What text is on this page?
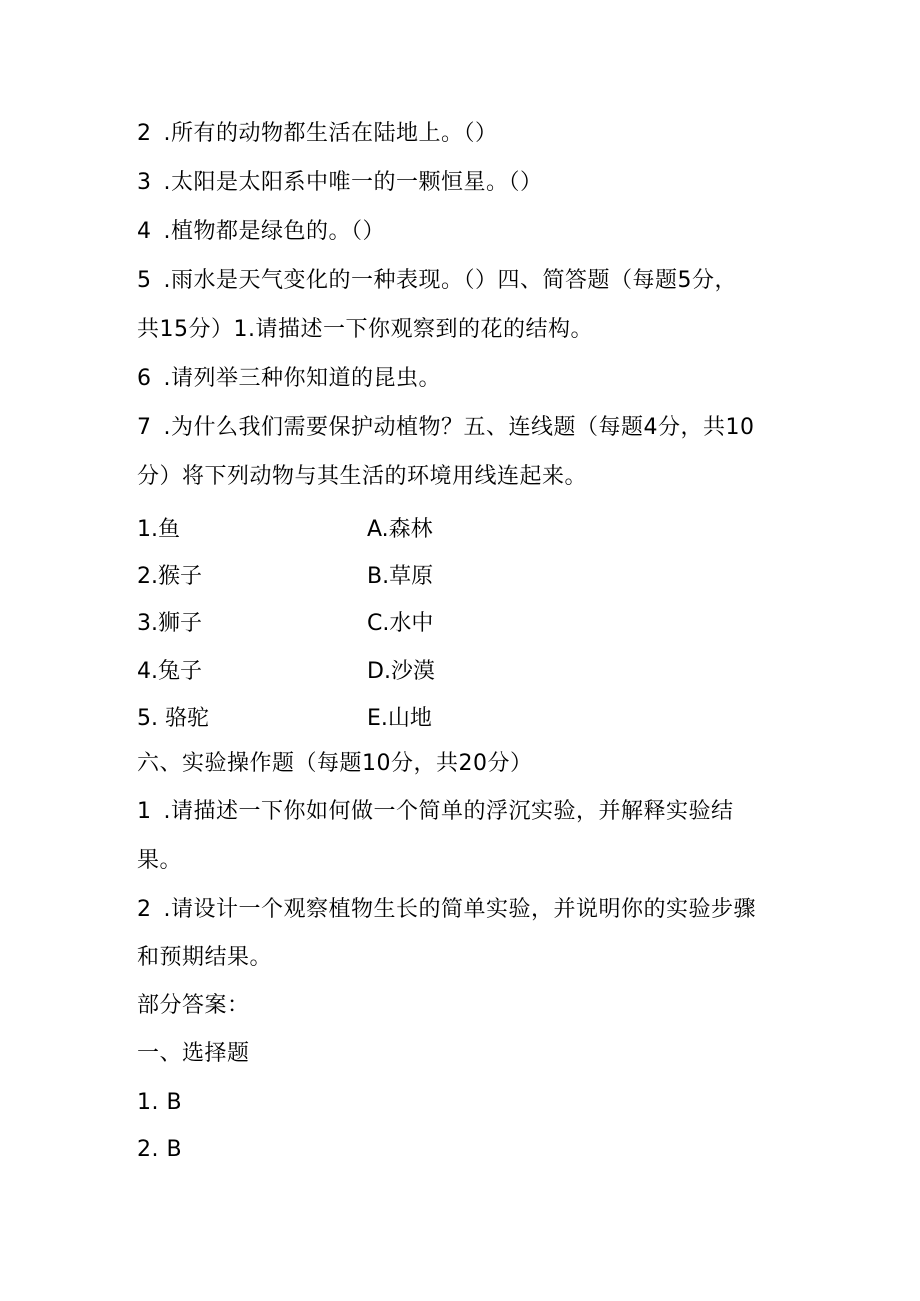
2 .所有的动物都生活在陆地上。（）
3 .太阳是太阳系中唯一的一颗恒星。（）
4 .植物都是绿色的。（）
5 .雨水是天气变化的一种表现。（）四、简答题（每题5分，
共15分）1.请描述一下你观察到的花的结构。
6 .请列举三种你知道的昆虫。
7 .为什么我们需要保护动植物？五、连线题（每题4分，共10
分）将下列动物与其生活的环境用线连起来。
1.鱼	A.森林
2.猴子	B.草原
3.狮子	C.水中
4.兔子	D.沙漠
5. 骆驼	E.山地
六、实验操作题（每题10分，共20分）
1 .请描述一下你如何做一个简单的浮沉实验，并解释实验结
果。
2 .请设计一个观察植物生长的简单实验，并说明你的实验步骤
和预期结果。
部分答案：
一、选择题
1. B
2. B
